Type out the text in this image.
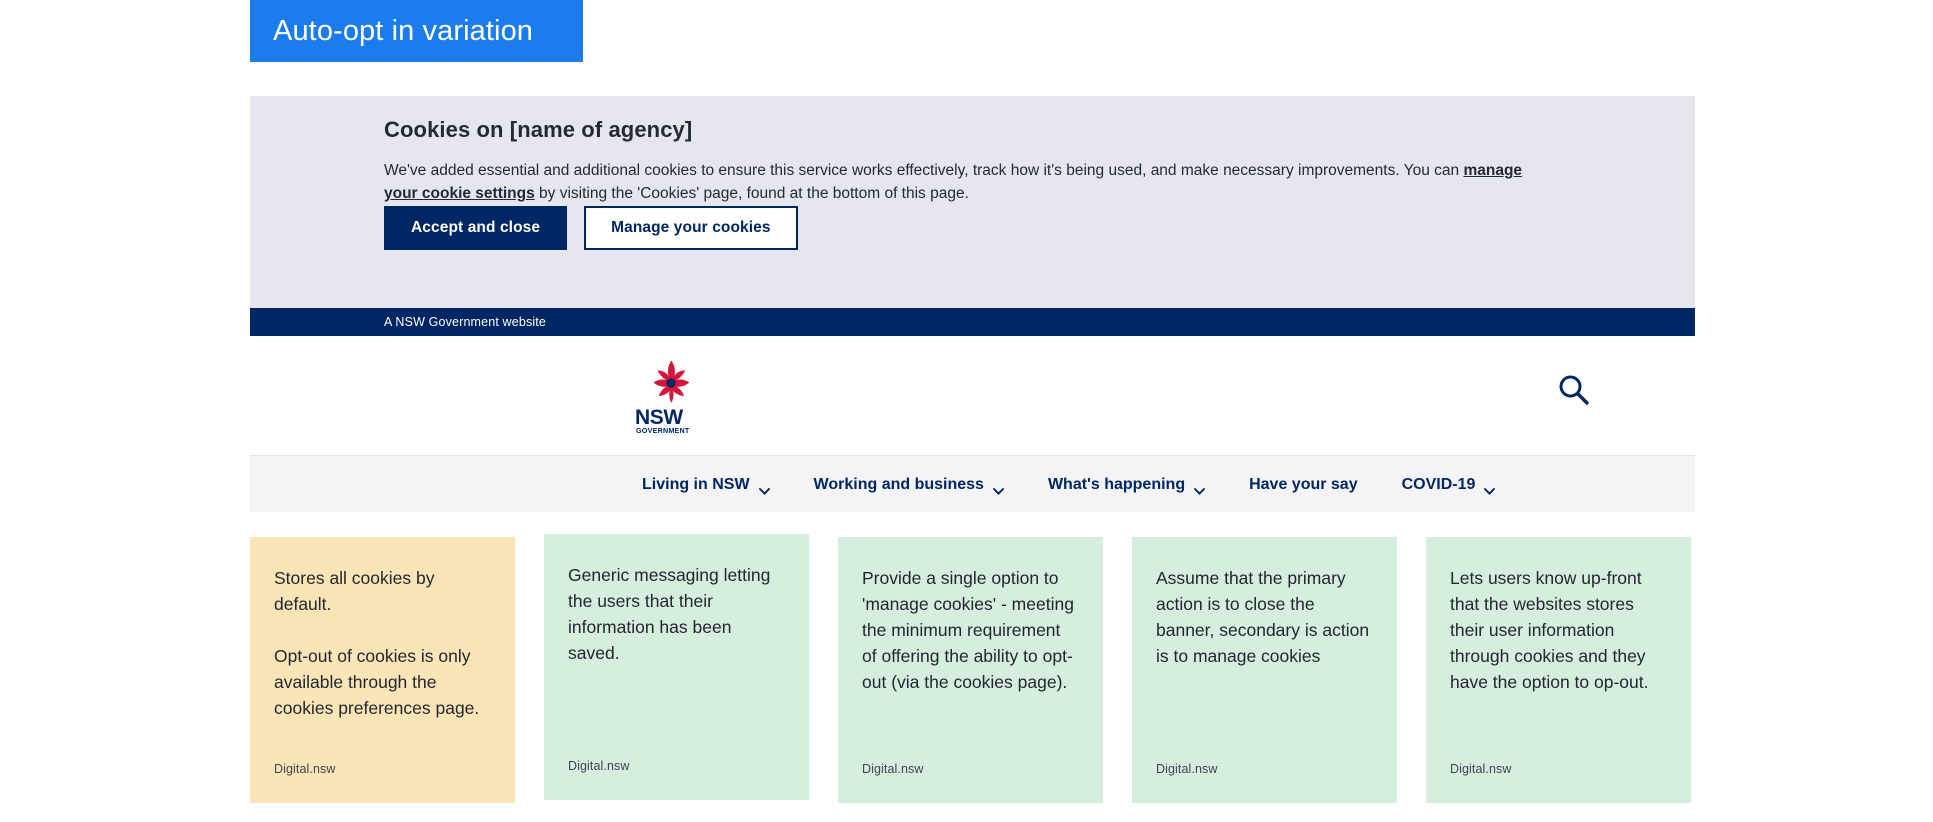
Auto-opt in variation
Cookies on [name of agency]

We've added essential and additional cookies to ensure this service works effectively, track how it's being used, and make necessary improvements. You can manage your cookie settings by visiting the 'Cookies' page, found at the bottom of this page.

Accept and close	Manage your cookies
A NSW Government website
NSW
GOVERNMENT
Living in NSW	Working and business	What's happening	Have your say	COVID-19

Stores all cookies by default.

Opt-out of cookies is only available through the cookies preferences page.

Digital.nsw

Generic messaging letting the users that their information has been saved.

Digital.nsw

Provide a single option to 'manage cookies' - meeting the minimum requirement of offering the ability to opt-out (via the cookies page).

Digital.nsw

Assume that the primary action is to close the banner, secondary is action is to manage cookies

Digital.nsw

Lets users know up-front that the websites stores their user information through cookies and they have the option to op-out.

Digital.nsw
